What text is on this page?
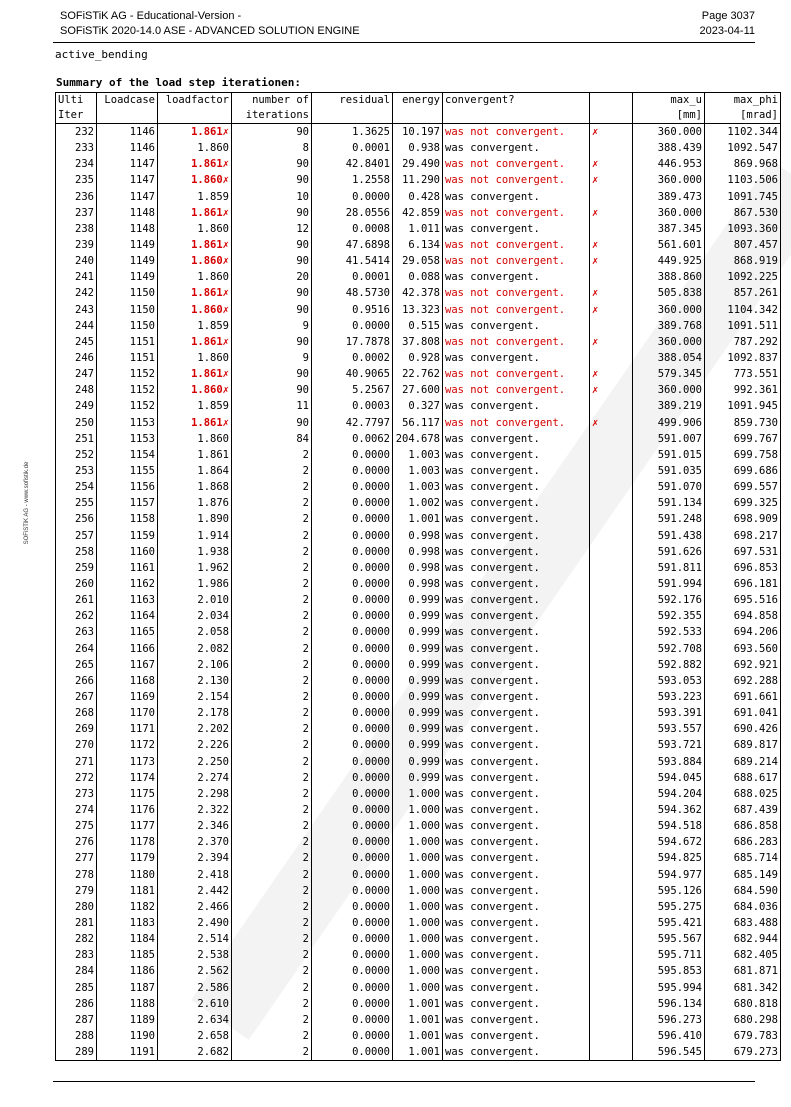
SOFiSTiK AG - Educational-Version -
SOFiSTiK 2020-14.0 ASE - ADVANCED SOLUTION ENGINE
Page 3037
2023-04-11
active_bending
Summary of the load step iterationen:
SOFiSTiK AG - www.sofistik.de
Ulti	Loadcase	loadfactor	number of	residual	energy	convergent?		max_u	max_phi
Iter			iterations					[mm]	[mrad]
232	1146	1.861✗	90	1.3625	10.197	was not convergent.	✗	360.000	1102.344
233	1146	1.860	8	0.0001	0.938	was convergent.		388.439	1092.547
234	1147	1.861✗	90	42.8401	29.490	was not convergent.	✗	446.953	869.968
235	1147	1.860✗	90	1.2558	11.290	was not convergent.	✗	360.000	1103.506
236	1147	1.859	10	0.0000	0.428	was convergent.		389.473	1091.745
237	1148	1.861✗	90	28.0556	42.859	was not convergent.	✗	360.000	867.530
238	1148	1.860	12	0.0008	1.011	was convergent.		387.345	1093.360
239	1149	1.861✗	90	47.6898	6.134	was not convergent.	✗	561.601	807.457
240	1149	1.860✗	90	41.5414	29.058	was not convergent.	✗	449.925	868.919
241	1149	1.860	20	0.0001	0.088	was convergent.		388.860	1092.225
242	1150	1.861✗	90	48.5730	42.378	was not convergent.	✗	505.838	857.261
243	1150	1.860✗	90	0.9516	13.323	was not convergent.	✗	360.000	1104.342
244	1150	1.859	9	0.0000	0.515	was convergent.		389.768	1091.511
245	1151	1.861✗	90	17.7878	37.808	was not convergent.	✗	360.000	787.292
246	1151	1.860	9	0.0002	0.928	was convergent.		388.054	1092.837
247	1152	1.861✗	90	40.9065	22.762	was not convergent.	✗	579.345	773.551
248	1152	1.860✗	90	5.2567	27.600	was not convergent.	✗	360.000	992.361
249	1152	1.859	11	0.0003	0.327	was convergent.		389.219	1091.945
250	1153	1.861✗	90	42.7797	56.117	was not convergent.	✗	499.906	859.730
251	1153	1.860	84	0.0062	204.678	was convergent.		591.007	699.767
252	1154	1.861	2	0.0000	1.003	was convergent.		591.015	699.758
253	1155	1.864	2	0.0000	1.003	was convergent.		591.035	699.686
254	1156	1.868	2	0.0000	1.003	was convergent.		591.070	699.557
255	1157	1.876	2	0.0000	1.002	was convergent.		591.134	699.325
256	1158	1.890	2	0.0000	1.001	was convergent.		591.248	698.909
257	1159	1.914	2	0.0000	0.998	was convergent.		591.438	698.217
258	1160	1.938	2	0.0000	0.998	was convergent.		591.626	697.531
259	1161	1.962	2	0.0000	0.998	was convergent.		591.811	696.853
260	1162	1.986	2	0.0000	0.998	was convergent.		591.994	696.181
261	1163	2.010	2	0.0000	0.999	was convergent.		592.176	695.516
262	1164	2.034	2	0.0000	0.999	was convergent.		592.355	694.858
263	1165	2.058	2	0.0000	0.999	was convergent.		592.533	694.206
264	1166	2.082	2	0.0000	0.999	was convergent.		592.708	693.560
265	1167	2.106	2	0.0000	0.999	was convergent.		592.882	692.921
266	1168	2.130	2	0.0000	0.999	was convergent.		593.053	692.288
267	1169	2.154	2	0.0000	0.999	was convergent.		593.223	691.661
268	1170	2.178	2	0.0000	0.999	was convergent.		593.391	691.041
269	1171	2.202	2	0.0000	0.999	was convergent.		593.557	690.426
270	1172	2.226	2	0.0000	0.999	was convergent.		593.721	689.817
271	1173	2.250	2	0.0000	0.999	was convergent.		593.884	689.214
272	1174	2.274	2	0.0000	0.999	was convergent.		594.045	688.617
273	1175	2.298	2	0.0000	1.000	was convergent.		594.204	688.025
274	1176	2.322	2	0.0000	1.000	was convergent.		594.362	687.439
275	1177	2.346	2	0.0000	1.000	was convergent.		594.518	686.858
276	1178	2.370	2	0.0000	1.000	was convergent.		594.672	686.283
277	1179	2.394	2	0.0000	1.000	was convergent.		594.825	685.714
278	1180	2.418	2	0.0000	1.000	was convergent.		594.977	685.149
279	1181	2.442	2	0.0000	1.000	was convergent.		595.126	684.590
280	1182	2.466	2	0.0000	1.000	was convergent.		595.275	684.036
281	1183	2.490	2	0.0000	1.000	was convergent.		595.421	683.488
282	1184	2.514	2	0.0000	1.000	was convergent.		595.567	682.944
283	1185	2.538	2	0.0000	1.000	was convergent.		595.711	682.405
284	1186	2.562	2	0.0000	1.000	was convergent.		595.853	681.871
285	1187	2.586	2	0.0000	1.000	was convergent.		595.994	681.342
286	1188	2.610	2	0.0000	1.001	was convergent.		596.134	680.818
287	1189	2.634	2	0.0000	1.001	was convergent.		596.273	680.298
288	1190	2.658	2	0.0000	1.001	was convergent.		596.410	679.783
289	1191	2.682	2	0.0000	1.001	was convergent.		596.545	679.273
